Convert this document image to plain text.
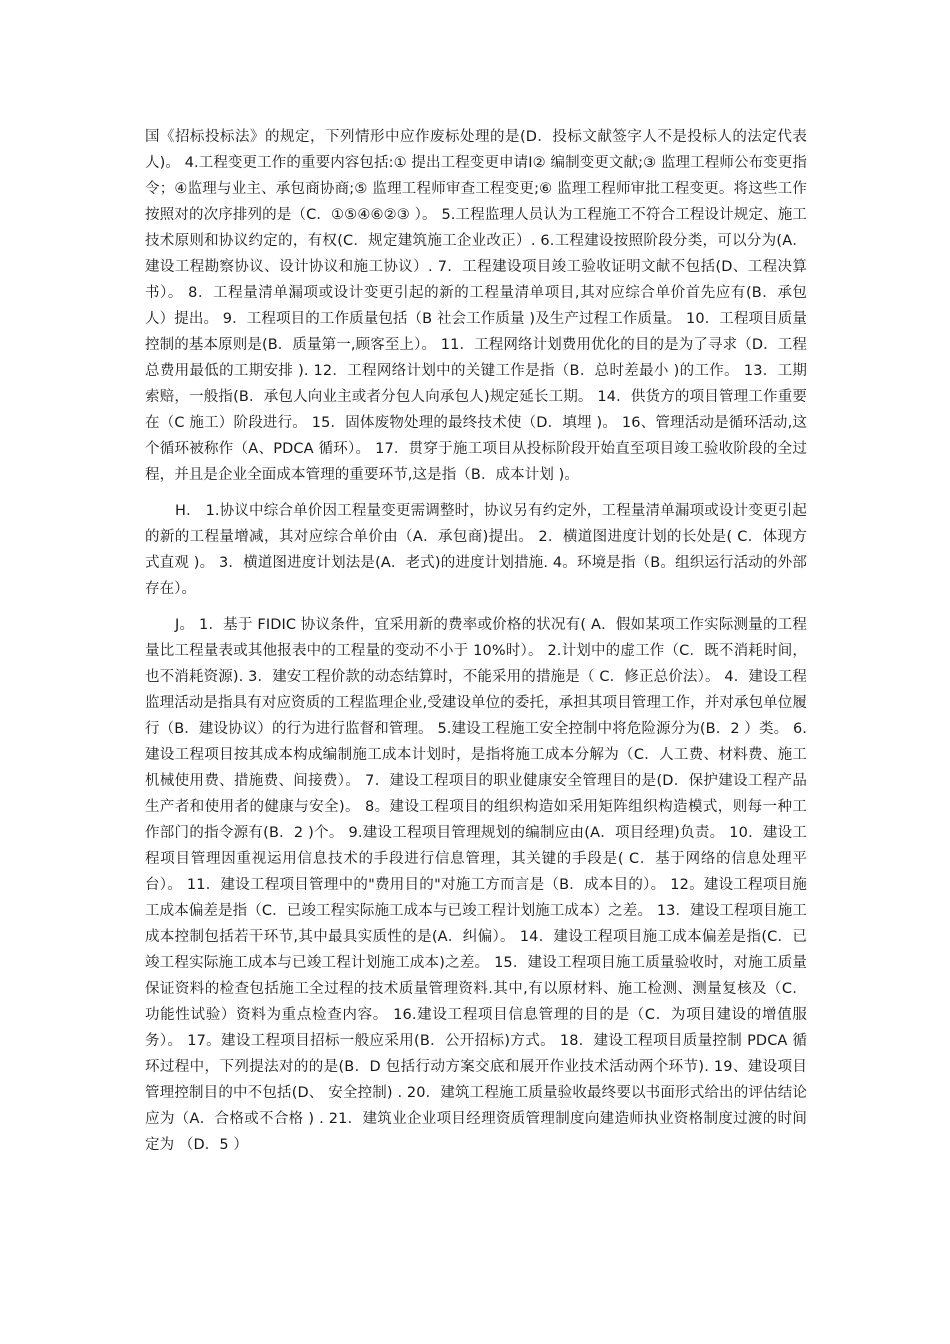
国《招标投标法》的规定，下列情形中应作废标处理的是(D．投标文献签字人不是投标人的法定代表人)。 4.工程变更工作的重要内容包括:① 提出工程变更申请Ⅰ② 编制变更文献;③ 监理工程师公布变更指令；④监理与业主、承包商协商;⑤ 监理工程师审查工程变更;⑥ 监理工程师审批工程变更。将这些工作按照对的次序排列的是（C．①⑤④⑥②③ ）。 5.工程监理人员认为工程施工不符合工程设计规定、施工技术原则和协议约定的，有权(C．规定建筑施工企业改正）. 6.工程建设按照阶段分类，可以分为(A．建设工程勘察协议、设计协议和施工协议）. 7．工程建设项目竣工验收证明文献不包括(D、工程决算书）。 8．工程量清单漏项或设计变更引起的新的工程量清单项目,其对应综合单价首先应有(B．承包人）提出。 9．工程项目的工作质量包括（B 社会工作质量 )及生产过程工作质量。 10．工程项目质量控制的基本原则是(B．质量第一,顾客至上）。 11．工程网络计划费用优化的目的是为了寻求（D．工程总费用最低的工期安排 ). 12．工程网络计划中的关键工作是指（B．总时差最小 )的工作。 13．工期索赔，一般指(B．承包人向业主或者分包人向承包人)规定延长工期。 14．供货方的项目管理工作重要在（C 施工）阶段进行。 15．固体废物处理的最终技术使（D．填埋 )。 16、管理活动是循环活动,这个循环被称作（A、PDCA 循环）。 17．贯穿于施工项目从投标阶段开始直至项目竣工验收阶段的全过程，并且是企业全面成本管理的重要环节,这是指（B．成本计划 )。

H． 1.协议中综合单价因工程量变更需调整时，协议另有约定外，工程量清单漏项或设计变更引起的新的工程量增减，其对应综合单价由（A．承包商)提出。 2．横道图进度计划的长处是( C．体现方式直观 )。 3．横道图进度计划法是(A．老式)的进度计划措施. 4。环境是指（B。组织运行活动的外部存在）。

J。 1．基于 FIDIC 协议条件，宜采用新的费率或价格的状况有( A．假如某项工作实际测量的工程量比工程量表或其他报表中的工程量的变动不小于 10%时）。 2.计划中的虚工作（C．既不消耗时间，也不消耗资源). 3．建安工程价款的动态结算时，不能采用的措施是（ C．修正总价法）。 4．建设工程监理活动是指具有对应资质的工程监理企业,受建设单位的委托，承担其项目管理工作，并对承包单位履行（B．建设协议）的行为进行监督和管理。 5.建设工程施工安全控制中将危险源分为(B．2 ）类。 6.建设工程项目按其成本构成编制施工成本计划时，是指将施工成本分解为（C．人工费、材料费、施工机械使用费、措施费、间接费）。 7．建设工程项目的职业健康安全管理目的是(D．保护建设工程产品生产者和使用者的健康与安全)。 8。建设工程项目的组织构造如采用矩阵组织构造模式，则每一种工作部门的指令源有(B．2 )个。 9.建设工程项目管理规划的编制应由(A．项目经理)负责。 10．建设工程项目管理因重视运用信息技术的手段进行信息管理，其关键的手段是( C．基于网络的信息处理平台）。 11．建设工程项目管理中的"费用目的"对施工方而言是（B．成本目的）。 12。建设工程项目施工成本偏差是指（C．已竣工程实际施工成本与已竣工程计划施工成本）之差。 13．建设工程项目施工成本控制包括若干环节,其中最具实质性的是(A．纠偏）。 14．建设工程项目施工成本偏差是指(C．已竣工程实际施工成本与已竣工程计划施工成本)之差。 15．建设工程项目施工质量验收时，对施工质量保证资料的检查包括施工全过程的技术质量管理资料.其中,有以原材料、施工检测、测量复核及（C．功能性试验）资料为重点检查内容。 16.建设工程项目信息管理的目的是（C．为项目建设的增值服务）。 17。建设工程项目招标一般应采用(B．公开招标)方式。 18．建设工程项目质量控制 PDCA 循环过程中，下列提法对的的是(B．D 包括行动方案交底和展开作业技术活动两个环节). 19、建设项目管理控制目的中不包括(D、 安全控制) . 20．建筑工程施工质量验收最终要以书面形式给出的评估结论应为（A．合格或不合格 ) . 21．建筑业企业项目经理资质管理制度向建造师执业资格制度过渡的时间定为 （D．5 ）
